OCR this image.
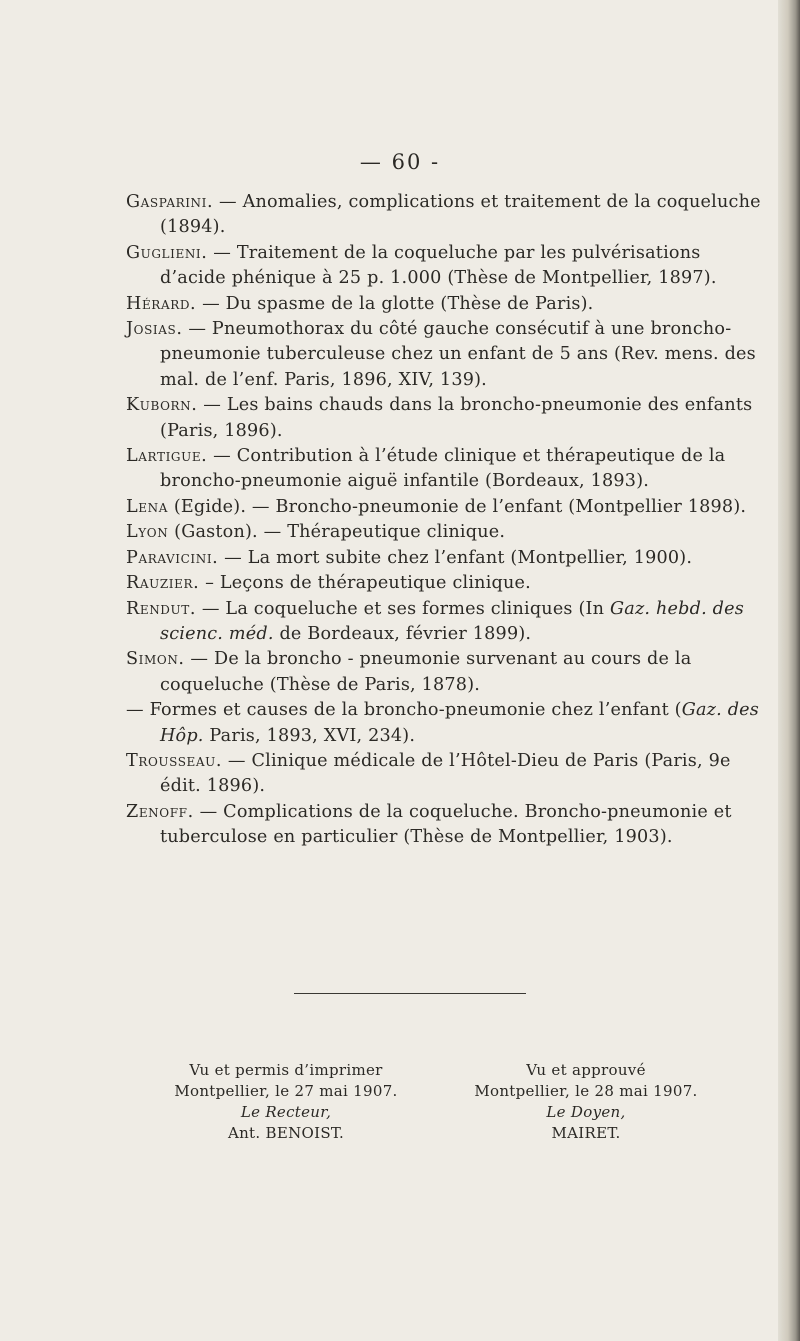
— 60 -

Gasparini. — Anomalies, complications et traitement de la coqueluche (1894).

Guglieni. — Traitement de la coqueluche par les pulvérisations d’acide phénique à 25 p. 1.000 (Thèse de Montpellier, 1897).

Hérard. — Du spasme de la glotte (Thèse de Paris).

Josias. — Pneumothorax du côté gauche consécutif à une broncho-pneumonie tuberculeuse chez un enfant de 5 ans (Rev. mens. des mal. de l’enf. Paris, 1896, XIV, 139).

Kuborn. — Les bains chauds dans la broncho-pneumonie des enfants (Paris, 1896).

Lartigue. — Contribution à l’étude clinique et thérapeutique de la broncho-pneumonie aiguë infantile (Bordeaux, 1893).

Lena (Egide). — Broncho-pneumonie de l’enfant (Montpellier 1898).

Lyon (Gaston). — Thérapeutique clinique.

Paravicini. — La mort subite chez l’enfant (Montpellier, 1900).

Rauzier. – Leçons de thérapeutique clinique.

Rendut. — La coqueluche et ses formes cliniques (In Gaz. hebd. des scienc. méd. de Bordeaux, février 1899).

Simon. — De la broncho - pneumonie survenant au cours de la coqueluche (Thèse de Paris, 1878).

— Formes et causes de la broncho-pneumonie chez l’enfant (Gaz. des Hôp. Paris, 1893, XVI, 234).

Trousseau. — Clinique médicale de l’Hôtel-Dieu de Paris (Paris, 9e édit. 1896).

Zenoff. — Complications de la coqueluche. Broncho-pneumonie et tuberculose en particulier (Thèse de Montpellier, 1903).

Vu et permis d’imprimer
Montpellier, le 27 mai 1907.
Le Recteur,
Ant. BENOIST.
Vu et approuvé
Montpellier, le 28 mai 1907.
Le Doyen,
MAIRET.
